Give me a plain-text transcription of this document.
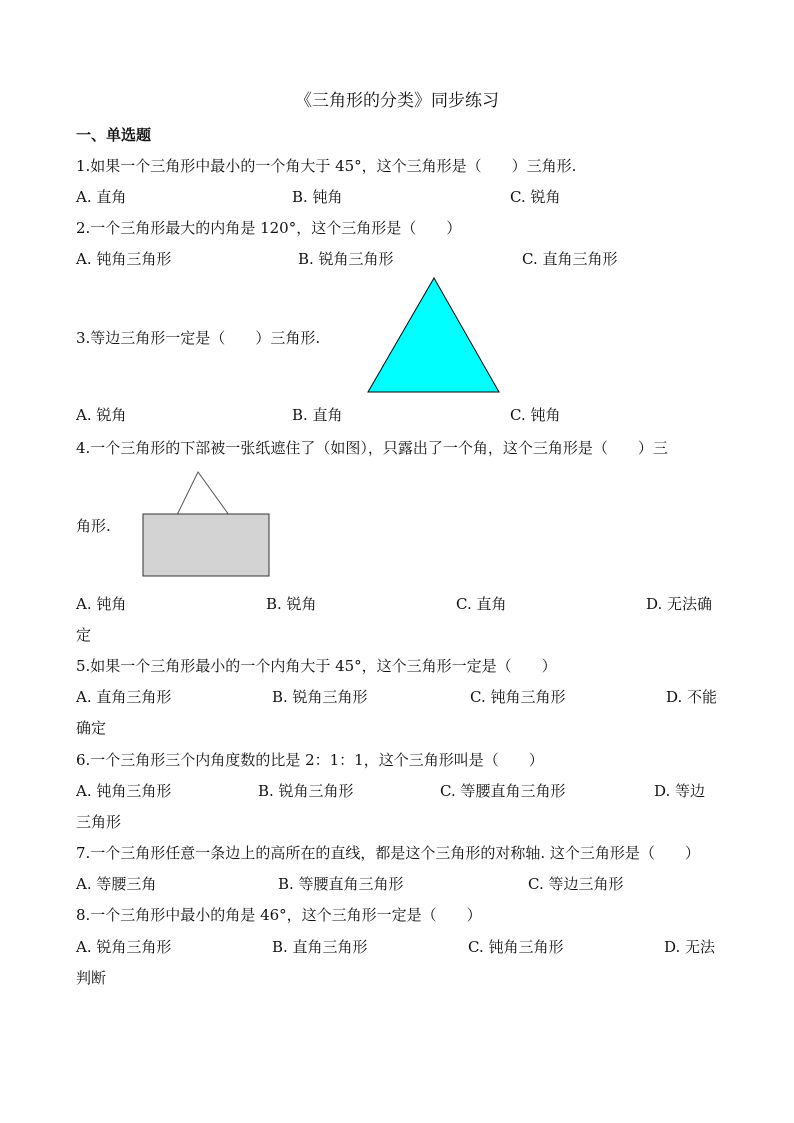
《三角形的分类》同步练习
一、单选题
1.如果一个三角形中最小的一个角大于 45°，这个三角形是（　　）三角形.
A. 直角	B. 钝角	C. 锐角
2.一个三角形最大的内角是 120°，这个三角形是（　　）
A. 钝角三角形	B. 锐角三角形	C. 直角三角形
3.等边三角形一定是（　　）三角形.
A. 锐角	B. 直角	C. 钝角
4.一个三角形的下部被一张纸遮住了（如图），只露出了一个角，这个三角形是（　　）三
角形.
A. 钝角	B. 锐角	C. 直角	D. 无法确
定
5.如果一个三角形最小的一个内角大于 45°，这个三角形一定是（　　）
A. 直角三角形	B. 锐角三角形	C. 钝角三角形	D. 不能
确定
6.一个三角形三个内角度数的比是 2：1：1，这个三角形叫是（　　）
A. 钝角三角形	B. 锐角三角形	C. 等腰直角三角形	D. 等边
三角形
7.一个三角形任意一条边上的高所在的直线，都是这个三角形的对称轴. 这个三角形是（　　）
A. 等腰三角	B. 等腰直角三角形	C. 等边三角形
8.一个三角形中最小的角是 46°，这个三角形一定是（　　）
A. 锐角三角形	B. 直角三角形	C. 钝角三角形	D. 无法
判断
